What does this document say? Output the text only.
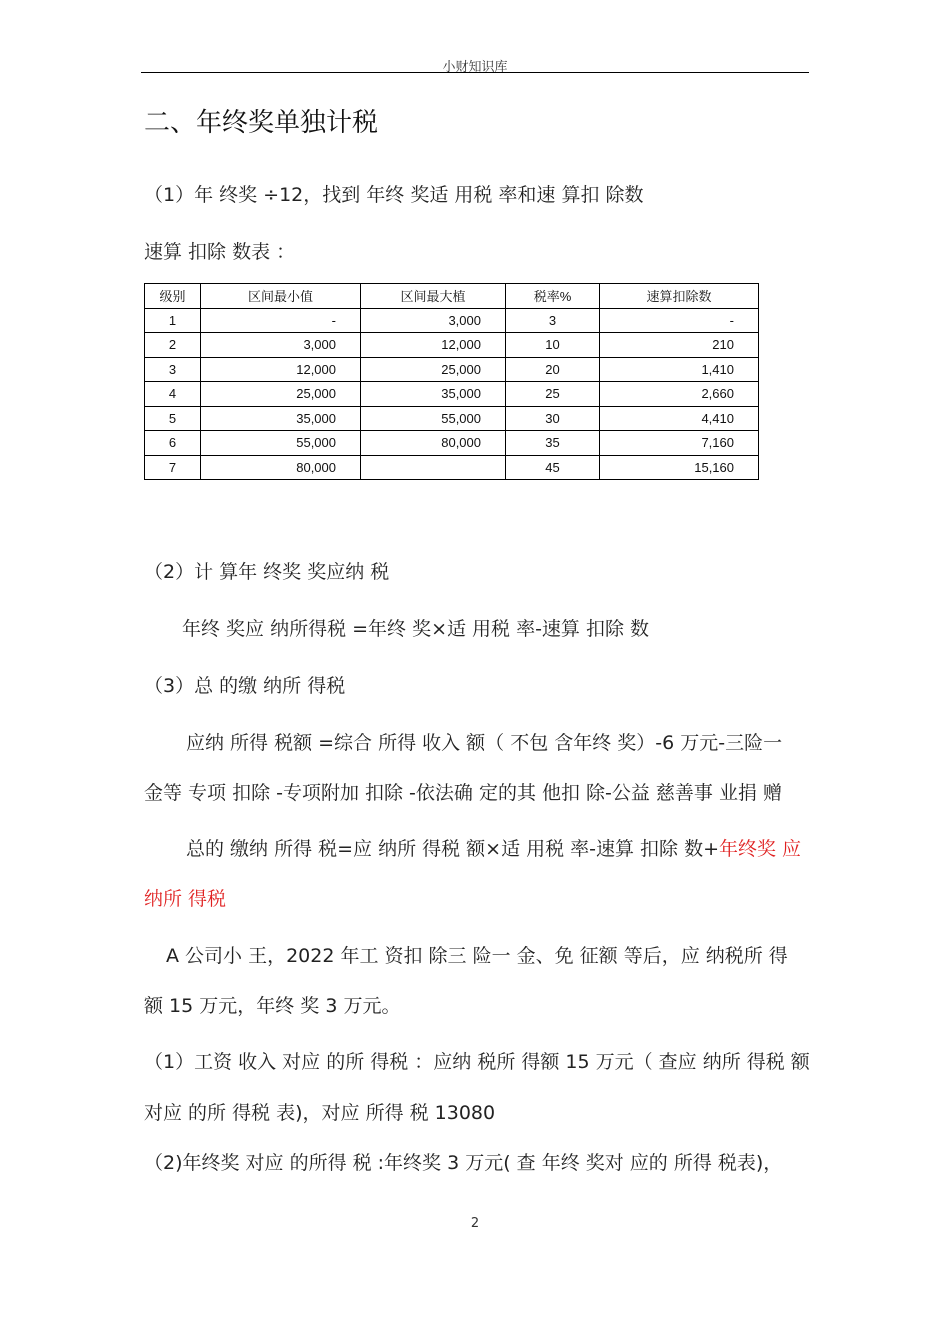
小财知识库
二、年终奖单独计税
（1）年 终奖 ÷12，找到 年终 奖适 用税 率和速 算扣 除数
速算 扣除 数表 ：
级别	区间最小值	区间最大植	税率%	速算扣除数
1	-	3,000	3	-
2	3,000	12,000	10	210
3	12,000	25,000	20	1,410
4	25,000	35,000	25	2,660
5	35,000	55,000	30	4,410
6	55,000	80,000	35	7,160
7	80,000		45	15,160
（2）计 算年 终奖 奖应纳 税
年终 奖应 纳所得税 =年终 奖×适 用税 率-速算 扣除 数
（3）总 的缴 纳所 得税
应纳 所得 税额 =综合 所得 收入 额（ 不包 含年终 奖）-6 万元-三险一
金等 专项 扣除 -专项附加 扣除 -依法确 定的其 他扣 除-公益 慈善事 业捐 赠
总的 缴纳 所得 税=应 纳所 得税 额×适 用税 率-速算 扣除 数+年终奖 应
纳所 得税
A 公司小 王，2022 年工 资扣 除三 险一 金、免 征额 等后，应 纳税所 得
额 15 万元，年终 奖 3 万元。
（1）工资 收入 对应 的所 得税 ：应纳 税所 得额 15 万元（ 查应 纳所 得税 额
对应 的所 得税 表)，对应 所得 税 13080
（2)年终奖 对应 的所得 税 :年终奖 3 万元( 查 年终 奖对 应的 所得 税表)，
2
